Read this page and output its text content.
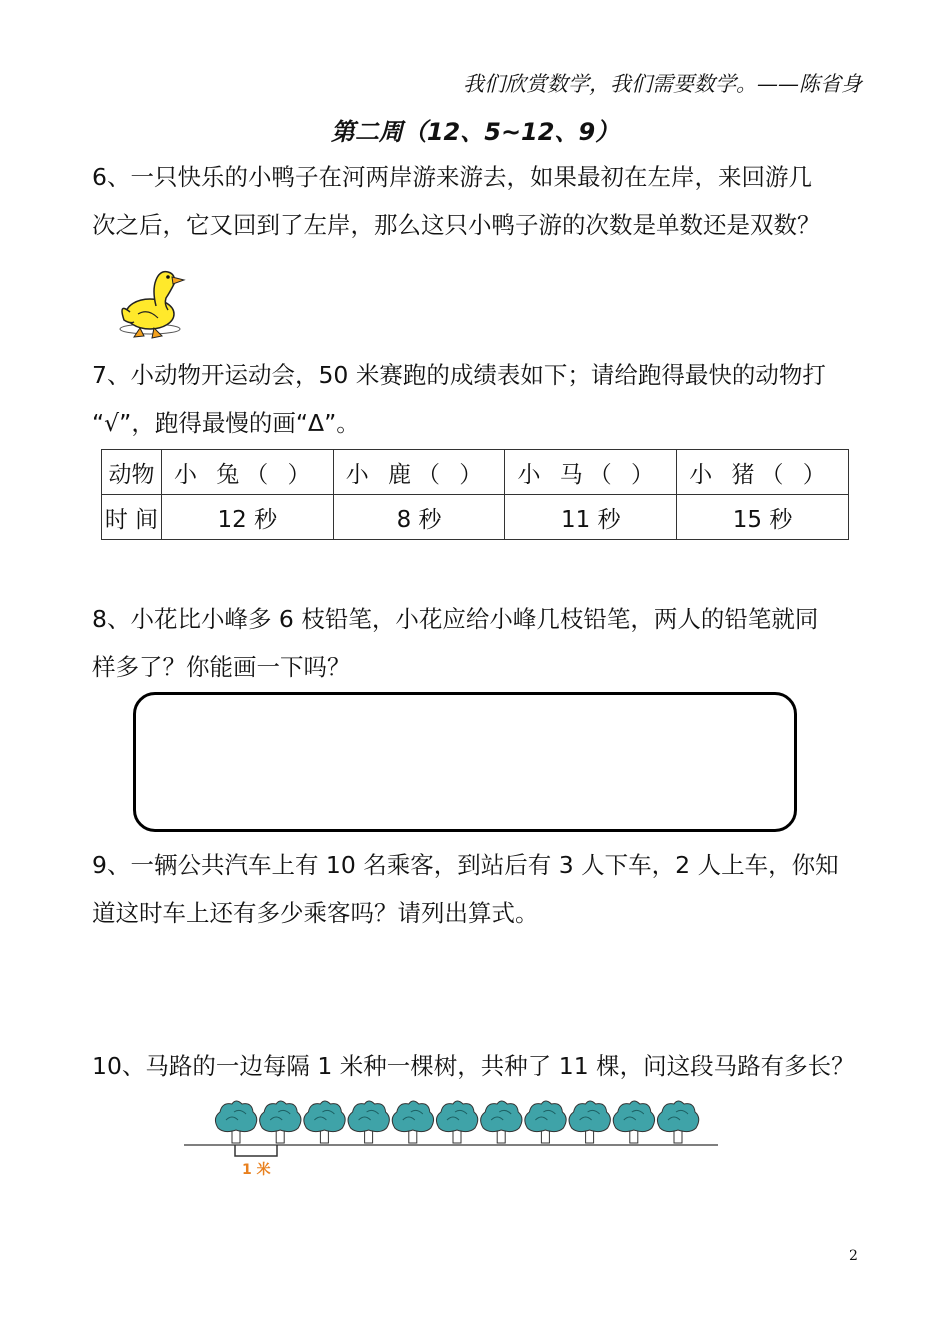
我们欣赏数学，我们需要数学。——陈省身
第二周（12、5~12、9）

6、一只快乐的小鸭子在河两岸游来游去，如果最初在左岸，来回游几

次之后，它又回到了左岸，那么这只小鸭子游的次数是单数还是双数？

7、小动物开运动会，50 米赛跑的成绩表如下；请给跑得最快的动物打

“√”，跑得最慢的画“Δ”。

动物	小 兔（ ）	小 鹿（ ）	小 马（ ）	小 猪（ ）
时 间	12 秒	8 秒	11 秒	15 秒

8、小花比小峰多 6 枝铅笔，小花应给小峰几枝铅笔，两人的铅笔就同

样多了？你能画一下吗？

9、一辆公共汽车上有 10 名乘客，到站后有 3 人下车，2 人上车，你知

道这时车上还有多少乘客吗？请列出算式。

10、马路的一边每隔 1 米种一棵树，共种了 11 棵，问这段马路有多长？

1 米
2
